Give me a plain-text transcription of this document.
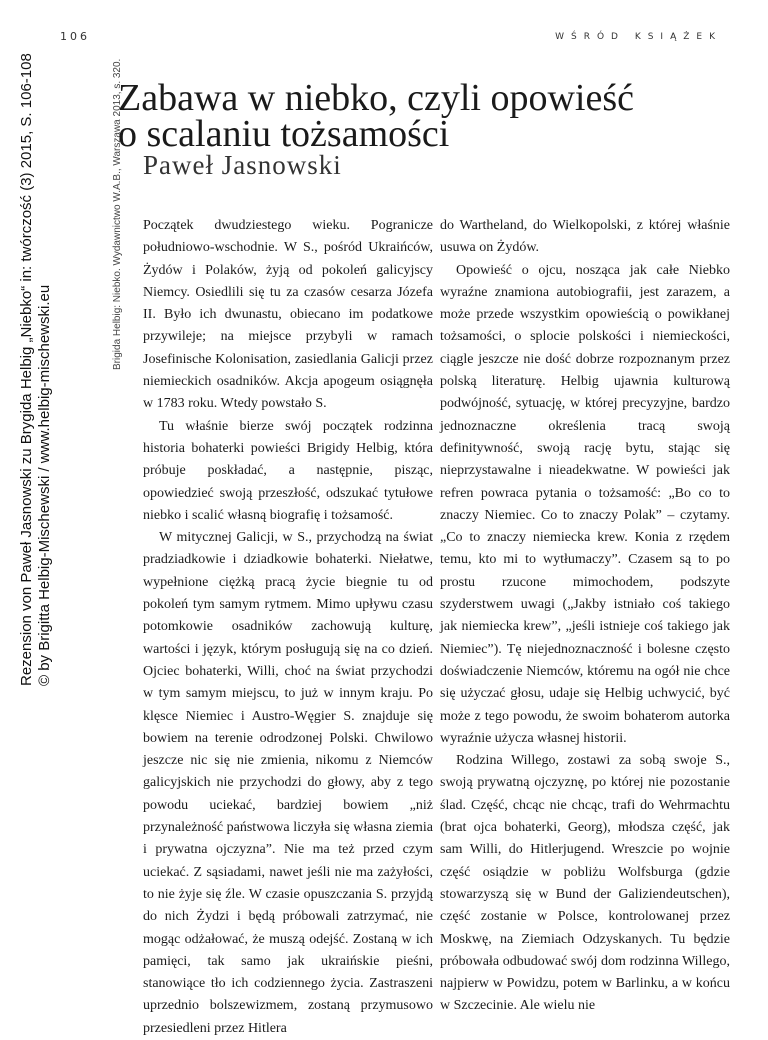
106	WŚRÓD KSIĄŻEK
Zabawa w niebko, czyli opowieść
o scalaniu tożsamości
Paweł Jasnowski
Rezension von Paweł Jasnowski zu Brygida Helbig „Niebko“ in: twórczość (3) 2015, S. 106-108 © by Brigitta Helbig-Mischewski / www.helbig-mischewski.eu
Brigida Helbig: Niebko. Wydawnictwo W.A.B., Warszawa 2013, s. 320. Początek dwudziestego wieku. Pogranicze południowo-wschodnie. W S., pośród Ukraińców, Żydów i Polaków, żyją od pokoleń galicyjscy Niemcy. Osiedlili się tu za czasów cesarza Józefa II. Było ich dwunastu, obiecano im podatkowe przywileje; na miejsce przybyli w ramach Josefinische Kolonisation, zasiedlania Galicji przez niemieckich osadników. Akcja apogeum osiągnęła w 1783 roku. Wtedy powstało S.

Tu właśnie bierze swój początek rodzinna historia bohaterki powieści Brigidy Helbig, która próbuje poskładać, a następnie, pisząc, opowiedzieć swoją przeszłość, odszukać tytułowe niebko i scalić własną biografię i tożsamość.

W mitycznej Galicji, w S., przychodzą na świat pradziadkowie i dziadkowie bohaterki. Niełatwe, wypełnione ciężką pracą życie biegnie tu od pokoleń tym samym rytmem. Mimo upływu czasu potomkowie osadników zachowują kulturę, wartości i język, którym posługują się na co dzień. Ojciec bohaterki, Willi, choć na świat przychodzi w tym samym miejscu, to już w innym kraju. Po klęsce Niemiec i Austro-Węgier S. znajduje się bowiem na terenie odrodzonej Polski. Chwilowo jeszcze nic się nie zmienia, nikomu z Niemców galicyjskich nie przychodzi do głowy, aby z tego powodu uciekać, bardziej bowiem „niż przynależność państwowa liczyła się własna ziemia i prywatna ojczyzna”. Nie ma też przed czym uciekać. Z sąsiadami, nawet jeśli nie ma zażyłości, to nie żyje się źle. W czasie opuszczania S. przyjdą do nich Żydzi i będą próbowali zatrzymać, nie mogąc odżałować, że muszą odejść. Zostaną w ich pamięci, tak samo jak ukraińskie pieśni, stanowiące tło ich codziennego życia. Zastraszeni uprzednio bolszewizmem, zostaną przymusowo przesiedleni przez Hitlera

do Wartheland, do Wielkopolski, z której właśnie usuwa on Żydów.

Opowieść o ojcu, nosząca jak całe Niebko wyraźne znamiona autobiografii, jest zarazem, a może przede wszystkim opowieścią o powikłanej tożsamości, o splocie polskości i niemieckości, ciągle jeszcze nie dość dobrze rozpoznanym przez polską literaturę. Helbig ujawnia kulturową podwójność, sytuację, w której precyzyjne, bardzo jednoznaczne określenia tracą swoją definitywność, swoją rację bytu, stając się nieprzystawalne i nieadekwatne. W powieści jak refren powraca pytania o tożsamość: „Bo co to znaczy Niemiec. Co to znaczy Polak” – czytamy. „Co to znaczy niemiecka krew. Konia z rzędem temu, kto mi to wytłumaczy”. Czasem są to po prostu rzucone mimochodem, podszyte szyderstwem uwagi („Jakby istniało coś takiego jak niemiecka krew”, „jeśli istnieje coś takiego jak Niemiec”). Tę niejednoznaczność i bolesne często doświadczenie Niemców, któremu na ogół nie chce się użyczać głosu, udaje się Helbig uchwycić, być może z tego powodu, że swoim bohaterom autorka wyraźnie użycza własnej historii.

Rodzina Willego, zostawi za sobą swoje S., swoją prywatną ojczyznę, po której nie pozostanie ślad. Część, chcąc nie chcąc, trafi do Wehrmachtu (brat ojca bohaterki, Georg), młodsza część, jak sam Willi, do Hitlerjugend. Wreszcie po wojnie część osiądzie w pobliżu Wolfsburga (gdzie stowarzyszą się w Bund der Galiziendeutschen), część zostanie w Polsce, kontrolowanej przez Moskwę, na Ziemiach Odzyskanych. Tu będzie próbowała odbudować swój dom rodzinna Willego, najpierw w Powidzu, potem w Barlinku, a w końcu w Szczecinie. Ale wielu nie
